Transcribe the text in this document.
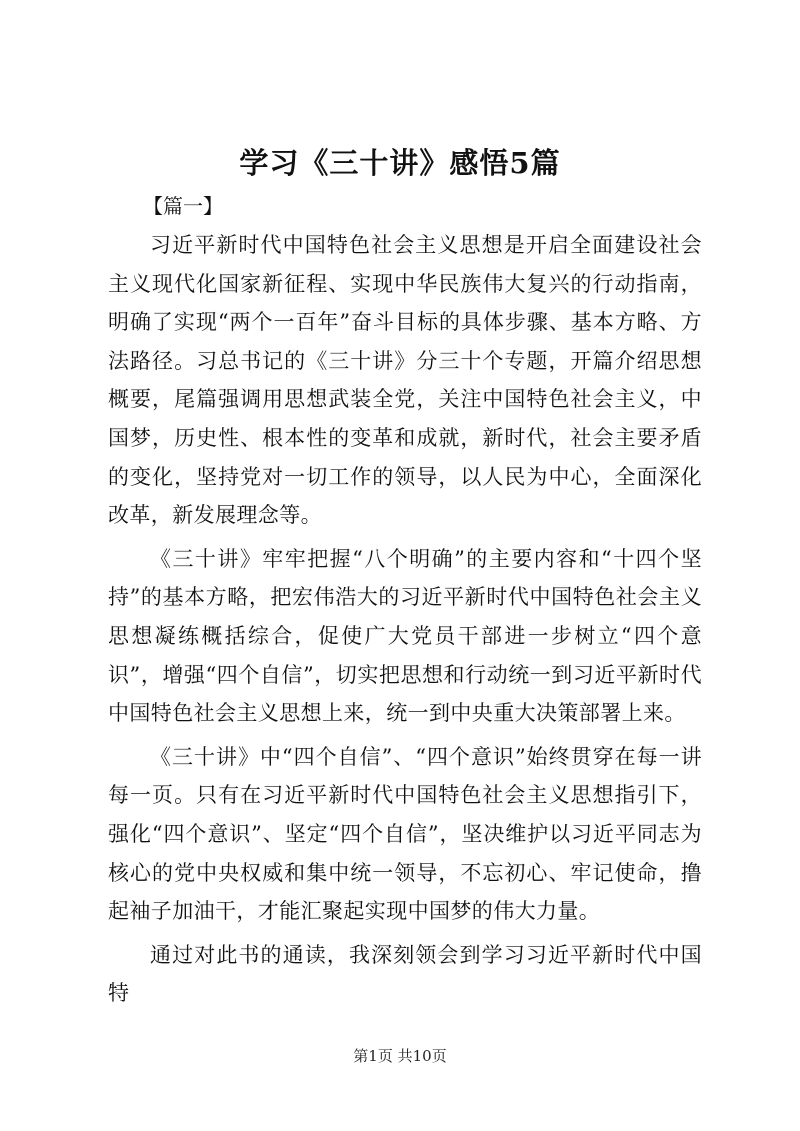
学习《三十讲》感悟5篇
【篇一】

习近平新时代中国特色社会主义思想是开启全面建设社会主义现代化国家新征程、实现中华民族伟大复兴的行动指南，明确了实现“两个一百年”奋斗目标的具体步骤、基本方略、方法路径。习总书记的《三十讲》分三十个专题，开篇介绍思想概要，尾篇强调用思想武装全党，关注中国特色社会主义，中国梦，历史性、根本性的变革和成就，新时代，社会主要矛盾的变化，坚持党对一切工作的领导，以人民为中心，全面深化改革，新发展理念等。

《三十讲》牢牢把握“八个明确”的主要内容和“十四个坚持”的基本方略，把宏伟浩大的习近平新时代中国特色社会主义思想凝练概括综合，促使广大党员干部进一步树立“四个意识”，增强“四个自信”，切实把思想和行动统一到习近平新时代中国特色社会主义思想上来，统一到中央重大决策部署上来。

《三十讲》中“四个自信”、“四个意识”始终贯穿在每一讲每一页。只有在习近平新时代中国特色社会主义思想指引下，强化“四个意识”、坚定“四个自信”，坚决维护以习近平同志为核心的党中央权威和集中统一领导，不忘初心、牢记使命，撸起袖子加油干，才能汇聚起实现中国梦的伟大力量。

通过对此书的通读，我深刻领会到学习习近平新时代中国特

第1页 共10页
